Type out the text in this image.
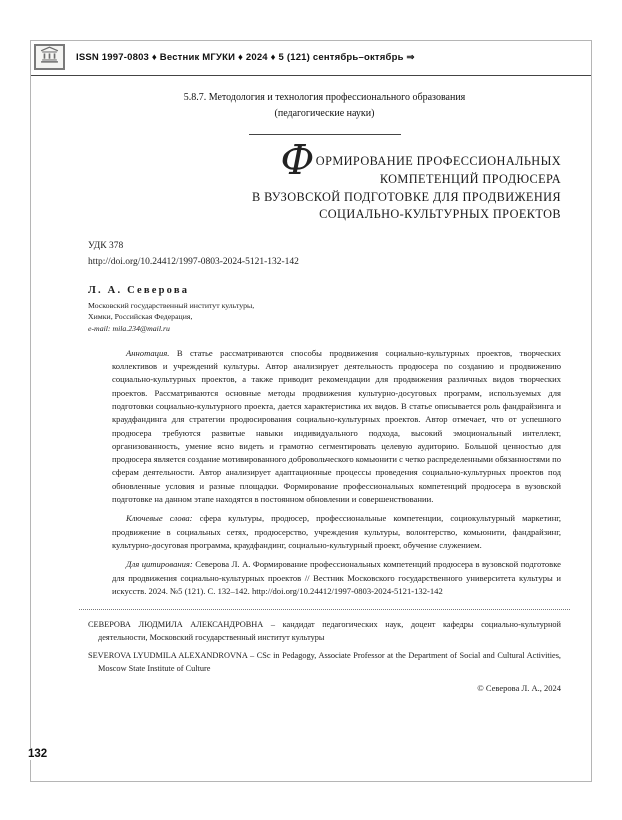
ISSN 1997-0803 ♦ Вестник МГУКИ ♦ 2024 ♦ 5 (121) сентябрь–октябрь ⇒
5.8.7. Методология и технология профессионального образования
(педагогические науки)
ФОРМИРОВАНИЕ ПРОФЕССИОНАЛЬНЫХ
КОМПЕТЕНЦИЙ ПРОДЮСЕРА
В ВУЗОВСКОЙ ПОДГОТОВКЕ ДЛЯ ПРОДВИЖЕНИЯ
СОЦИАЛЬНО-КУЛЬТУРНЫХ ПРОЕКТОВ
УДК 378
http://doi.org/10.24412/1997-0803-2024-5121-132-142
Л. А. Северова
Московский государственный институт культуры,
Химки, Российская Федерация,
e-mail: mila.234@mail.ru

Аннотация. В статье рассматриваются способы продвижения социально-культурных проектов, творческих коллективов и учреждений культуры. Автор анализирует деятельность продюсера по созданию и продвижению социально-культурных проектов, а также приводит рекомендации для продвижения различных видов творческих проектов. Рассматриваются основные методы продвижения культурно-досуговых программ, используемых для подготовки социально-культурного проекта, дается характеристика их видов. В статье описывается роль фандрайзинга и краудфандинга для стратегии продюсирования социально-культурных проектов. Автор отмечает, что от успешного продюсера требуются развитые навыки индивидуального подхода, высокий эмоциональный интеллект, организованность, умение ясно видеть и грамотно сегментировать целевую аудиторию. Большой ценностью для продюсера является создание мотивированного добровольческого комьюнити с четко распределенными обязанностями по сферам деятельности. Автор анализирует адаптационные процессы проведения социально-культурных проектов под обновленные условия и разные площадки. Формирование профессиональных компетенций продюсера в вузовской подготовке на данном этапе находятся в постоянном обновлении и совершенствовании.

Ключевые слова: сфера культуры, продюсер, профессиональные компетенции, социокультурный маркетинг, продвижение в социальных сетях, продюсерство, учреждения культуры, волонтерство, комьюнити, фандрайзинг, культурно-досуговая программа, краудфандинг, социально-культурный проект, обучение служением.

Для цитирования: Северова Л. А. Формирование профессиональных компетенций продюсера в вузовской подготовке для продвижения социально-культурных проектов // Вестник Московского государственного университета культуры и искусств. 2024. №5 (121). С. 132–142. http://doi.org/10.24412/1997-0803-2024-5121-132-142

СЕВЕРОВА ЛЮДМИЛА АЛЕКСАНДРОВНА – кандидат педагогических наук, доцент кафедры социально-культурной деятельности, Московский государственный институт культуры

SEVEROVA LYUDMILA ALEXANDROVNA – CSc in Pedagogy, Associate Professor at the Department of Social and Cultural Activities, Moscow State Institute of Culture

© Северова Л. А., 2024
132
